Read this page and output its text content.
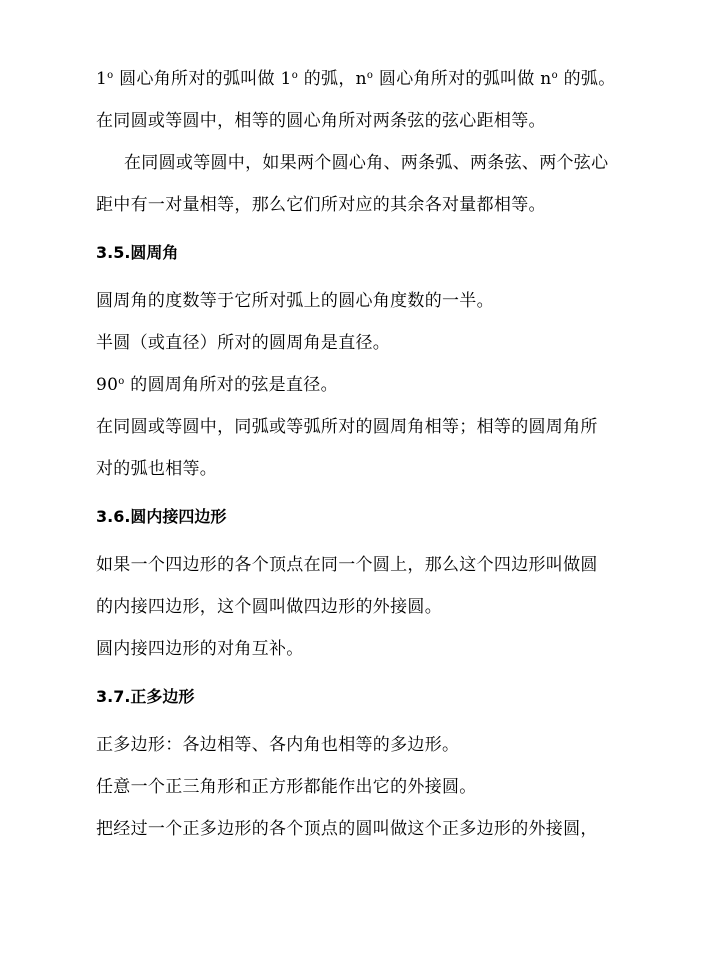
1$^o$ 圆心角所对的弧叫做 1$^o$ 的弧，$n^o$ 圆心角所对的弧叫做 $n^o$ 的弧。
在同圆或等圆中，相等的圆心角所对两条弦的弦心距相等。
在同圆或等圆中，如果两个圆心角、两条弧、两条弦、两个弦心
距中有一对量相等，那么它们所对应的其余各对量都相等。
3.5.圆周角
圆周角的度数等于它所对弧上的圆心角度数的一半。
半圆（或直径）所对的圆周角是直径。
90$^o$ 的圆周角所对的弦是直径。
在同圆或等圆中，同弧或等弧所对的圆周角相等；相等的圆周角所
对的弧也相等。
3.6.圆内接四边形
如果一个四边形的各个顶点在同一个圆上，那么这个四边形叫做圆
的内接四边形，这个圆叫做四边形的外接圆。
圆内接四边形的对角互补。
3.7.正多边形
正多边形：各边相等、各内角也相等的多边形。
任意一个正三角形和正方形都能作出它的外接圆。
把经过一个正多边形的各个顶点的圆叫做这个正多边形的外接圆，
